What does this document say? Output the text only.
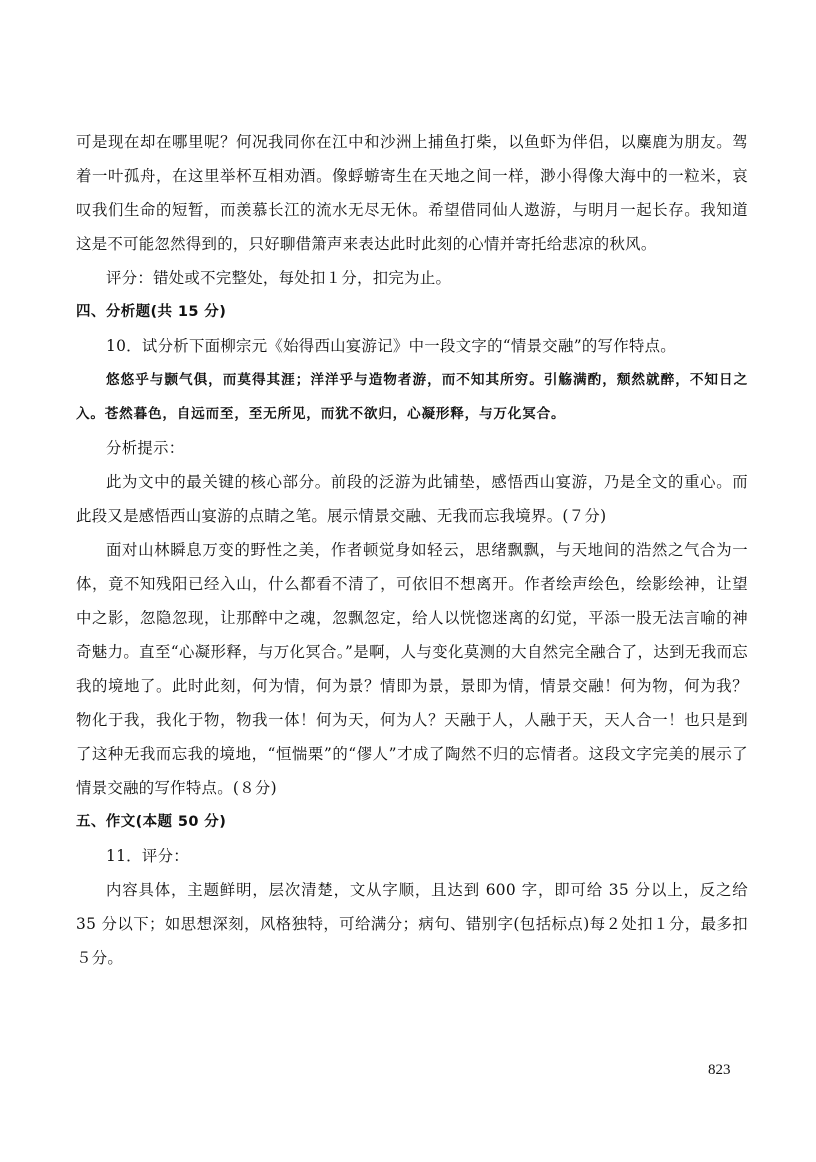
可是现在却在哪里呢？何况我同你在江中和沙洲上捕鱼打柴，以鱼虾为伴侣，以麋鹿为朋友。驾着一叶孤舟，在这里举杯互相劝酒。像蜉蝣寄生在天地之间一样，渺小得像大海中的一粒米，哀叹我们生命的短暂，而羡慕长江的流水无尽无休。希望借同仙人遨游，与明月一起长存。我知道这是不可能忽然得到的，只好聊借箫声来表达此时此刻的心情并寄托给悲凉的秋风。

评分：错处或不完整处，每处扣１分，扣完为止。

四、分析题(共 15 分)

10．试分析下面柳宗元《始得西山宴游记》中一段文字的“情景交融”的写作特点。

悠悠乎与颢气俱，而莫得其涯；洋洋乎与造物者游，而不知其所穷。引觞满酌，颓然就醉，不知日之入。苍然暮色，自远而至，至无所见，而犹不欲归，心凝形释，与万化冥合。

分析提示：

此为文中的最关键的核心部分。前段的泛游为此铺垫，感悟西山宴游，乃是全文的重心。而此段又是感悟西山宴游的点睛之笔。展示情景交融、无我而忘我境界。(７分)

面对山林瞬息万变的野性之美，作者顿觉身如轻云，思绪飘飘，与天地间的浩然之气合为一体，竟不知残阳已经入山，什么都看不清了，可依旧不想离开。作者绘声绘色，绘影绘神，让望中之影，忽隐忽现，让那醉中之魂，忽飘忽定，给人以恍惚迷离的幻觉，平添一股无法言喻的神奇魅力。直至“心凝形释，与万化冥合。”是啊，人与变化莫测的大自然完全融合了，达到无我而忘我的境地了。此时此刻，何为情，何为景？情即为景，景即为情，情景交融！何为物，何为我？物化于我，我化于物，物我一体！何为天，何为人？天融于人，人融于天，天人合一！也只是到了这种无我而忘我的境地，“恒惴栗”的“僇人”才成了陶然不归的忘情者。这段文字完美的展示了情景交融的写作特点。(８分)

五、作文(本题 50 分)

11．评分：

内容具体，主题鲜明，层次清楚，文从字顺，且达到 600 字，即可给 35 分以上，反之给 35 分以下；如思想深刻，风格独特，可给满分；病句、错别字(包括标点)每２处扣１分，最多扣５分。

823
